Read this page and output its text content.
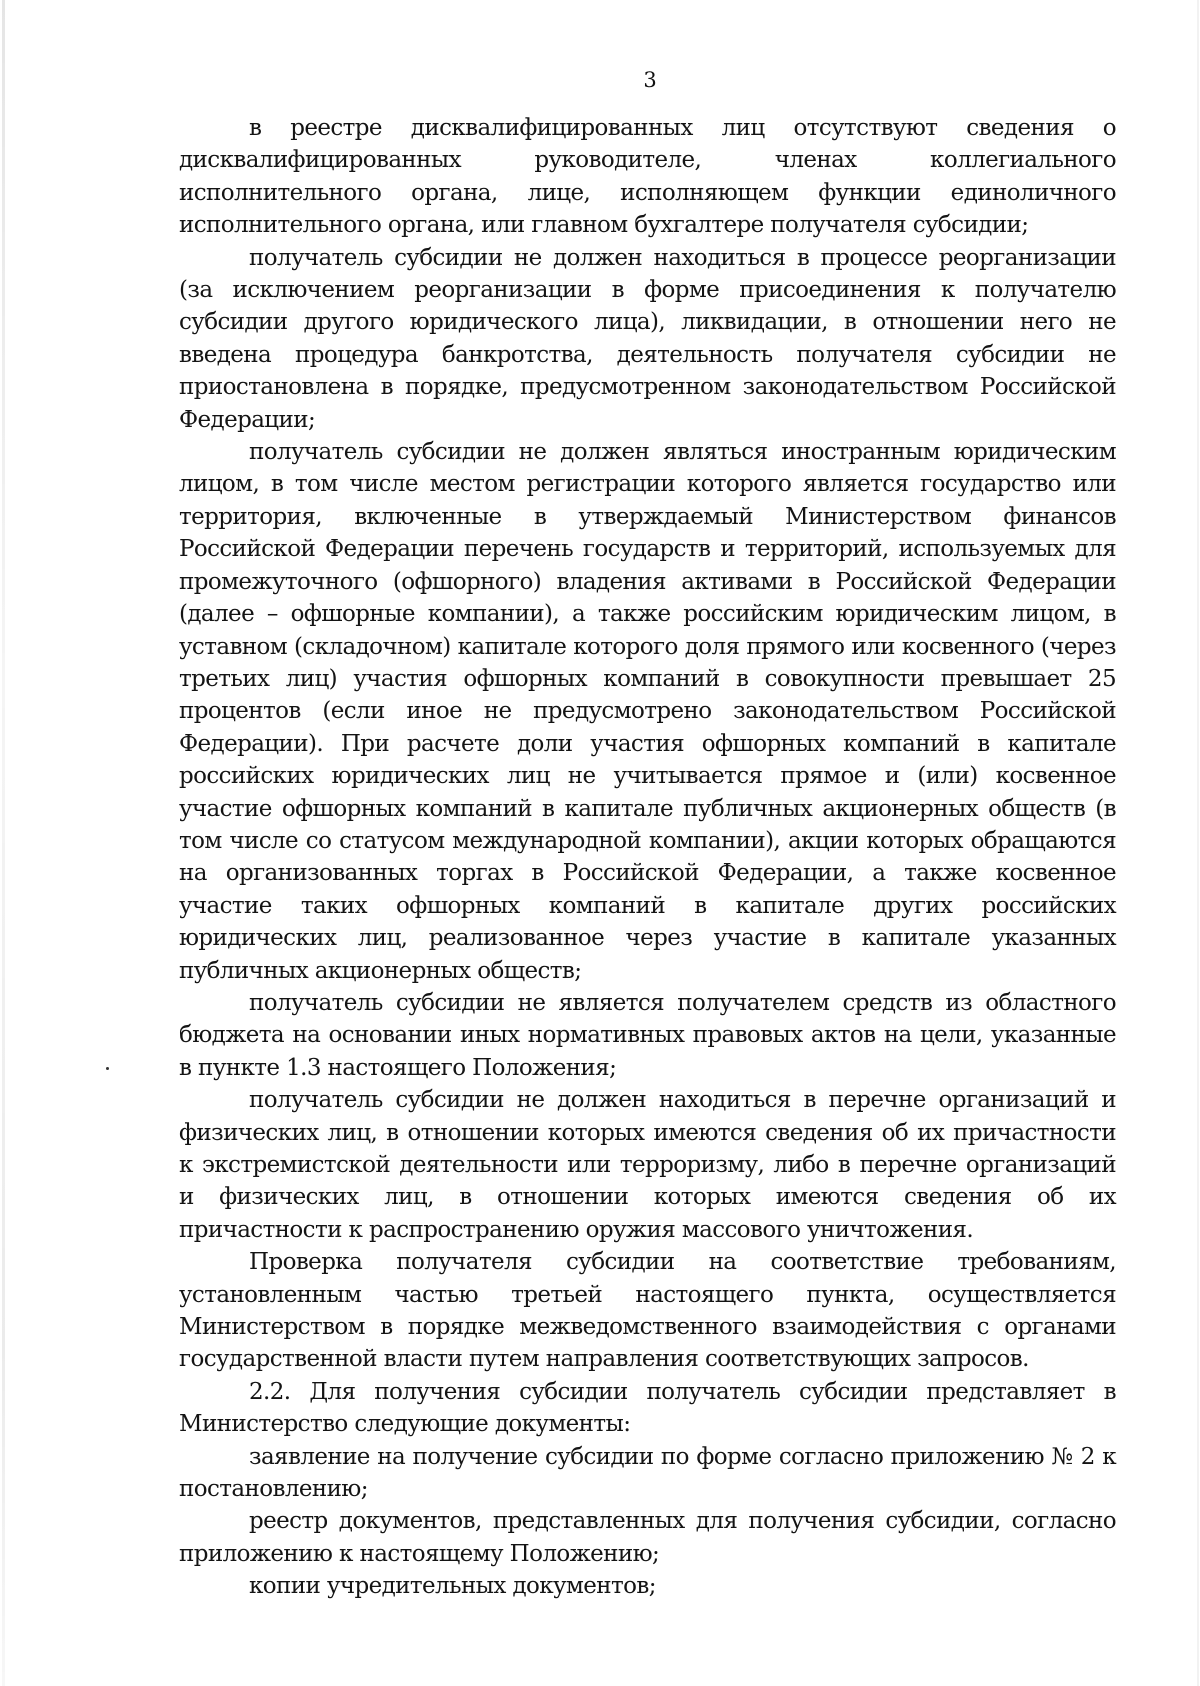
3

в реестре дисквалифицированных лиц отсутствуют сведения о дисквалифицированных руководителе, членах коллегиального исполнительного органа, лице, исполняющем функции единоличного исполнительного органа, или главном бухгалтере получателя субсидии;

получатель субсидии не должен находиться в процессе реорганизации (за исключением реорганизации в форме присоединения к получателю субсидии другого юридического лица), ликвидации, в отношении него не введена процедура банкротства, деятельность получателя субсидии не приостановлена в порядке, предусмотренном законодательством Российской Федерации;

получатель субсидии не должен являться иностранным юридическим лицом, в том числе местом регистрации которого является государство или территория, включенные в утверждаемый Министерством финансов Российской Федерации перечень государств и территорий, используемых для промежуточного (офшорного) владения активами в Российской Федерации (далее – офшорные компании), а также российским юридическим лицом, в уставном (складочном) капитале которого доля прямого или косвенного (через третьих лиц) участия офшорных компаний в совокупности превышает 25 процентов (если иное не предусмотрено законодательством Российской Федерации). При расчете доли участия офшорных компаний в капитале российских юридических лиц не учитывается прямое и (или) косвенное участие офшорных компаний в капитале публичных акционерных обществ (в том числе со статусом международной компании), акции которых обращаются на организованных торгах в Российской Федерации, а также косвенное участие таких офшорных компаний в капитале других российских юридических лиц, реализованное через участие в капитале указанных публичных акционерных обществ;

получатель субсидии не является получателем средств из областного бюджета на основании иных нормативных правовых актов на цели, указанные в пункте 1.3 настоящего Положения;

получатель субсидии не должен находиться в перечне организаций и физических лиц, в отношении которых имеются сведения об их причастности к экстремистской деятельности или терроризму, либо в перечне организаций и физических лиц, в отношении которых имеются сведения об их причастности к распространению оружия массового уничтожения.

Проверка получателя субсидии на соответствие требованиям, установленным частью третьей настоящего пункта, осуществляется Министерством в порядке межведомственного взаимодействия с органами государственной власти путем направления соответствующих запросов.

2.2. Для получения субсидии получатель субсидии представляет в Министерство следующие документы:

заявление на получение субсидии по форме согласно приложению № 2 к постановлению;

реестр документов, представленных для получения субсидии, согласно приложению к настоящему Положению;

копии учредительных документов;
